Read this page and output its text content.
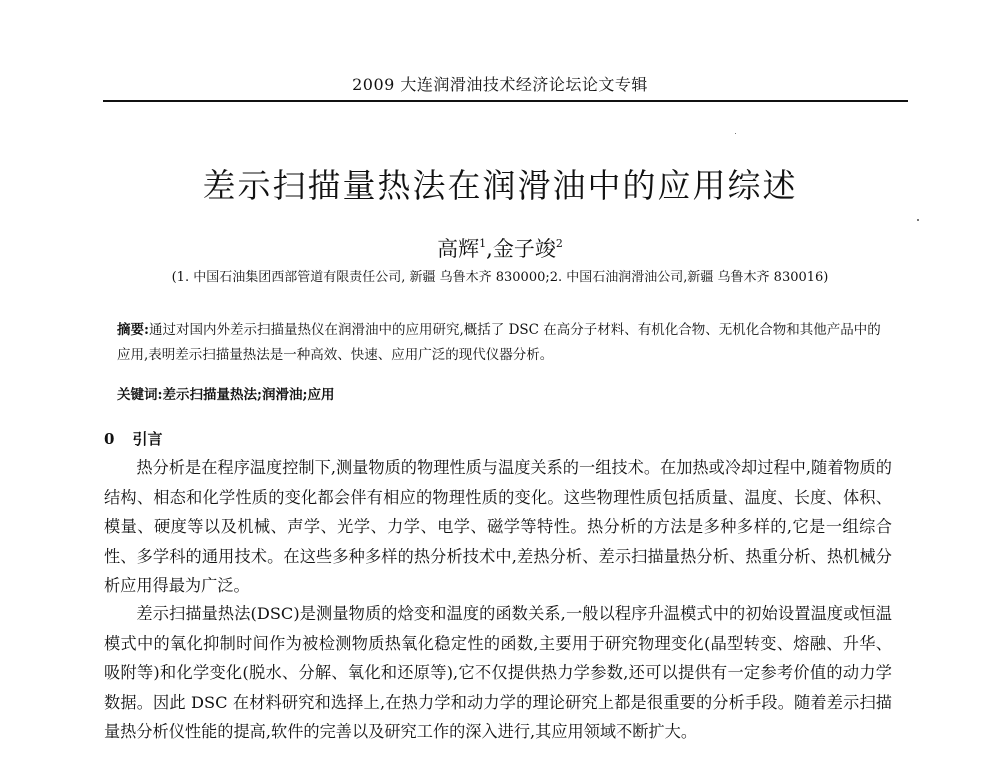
2009 大连润滑油技术经济论坛论文专辑
差示扫描量热法在润滑油中的应用综述
高辉$^1$,金子竣$^2$
(1. 中国石油集团西部管道有限责任公司, 新疆 乌鲁木齐 830000;2. 中国石油润滑油公司,新疆 乌鲁木齐 830016)
摘要:通过对国内外差示扫描量热仪在润滑油中的应用研究,概括了 DSC 在高分子材料、有机化合物、无机化合物和其他产品中的应用,表明差示扫描量热法是一种高效、快速、应用广泛的现代仪器分析。
关键词:差示扫描量热法;润滑油;应用
0 引言

热分析是在程序温度控制下,测量物质的物理性质与温度关系的一组技术。在加热或冷却过程中,随着物质的结构、相态和化学性质的变化都会伴有相应的物理性质的变化。这些物理性质包括质量、温度、长度、体积、模量、硬度等以及机械、声学、光学、力学、电学、磁学等特性。热分析的方法是多种多样的,它是一组综合性、多学科的通用技术。在这些多种多样的热分析技术中,差热分析、差示扫描量热分析、热重分析、热机械分析应用得最为广泛。

差示扫描量热法(DSC)是测量物质的焓变和温度的函数关系,一般以程序升温模式中的初始设置温度或恒温模式中的氧化抑制时间作为被检测物质热氧化稳定性的函数,主要用于研究物理变化(晶型转变、熔融、升华、吸附等)和化学变化(脱水、分解、氧化和还原等),它不仅提供热力学参数,还可以提供有一定参考价值的动力学数据。因此 DSC 在材料研究和选择上,在热力学和动力学的理论研究上都是很重要的分析手段。随着差示扫描量热分析仪性能的提高,软件的完善以及研究工作的深入进行,其应用领域不断扩大。
